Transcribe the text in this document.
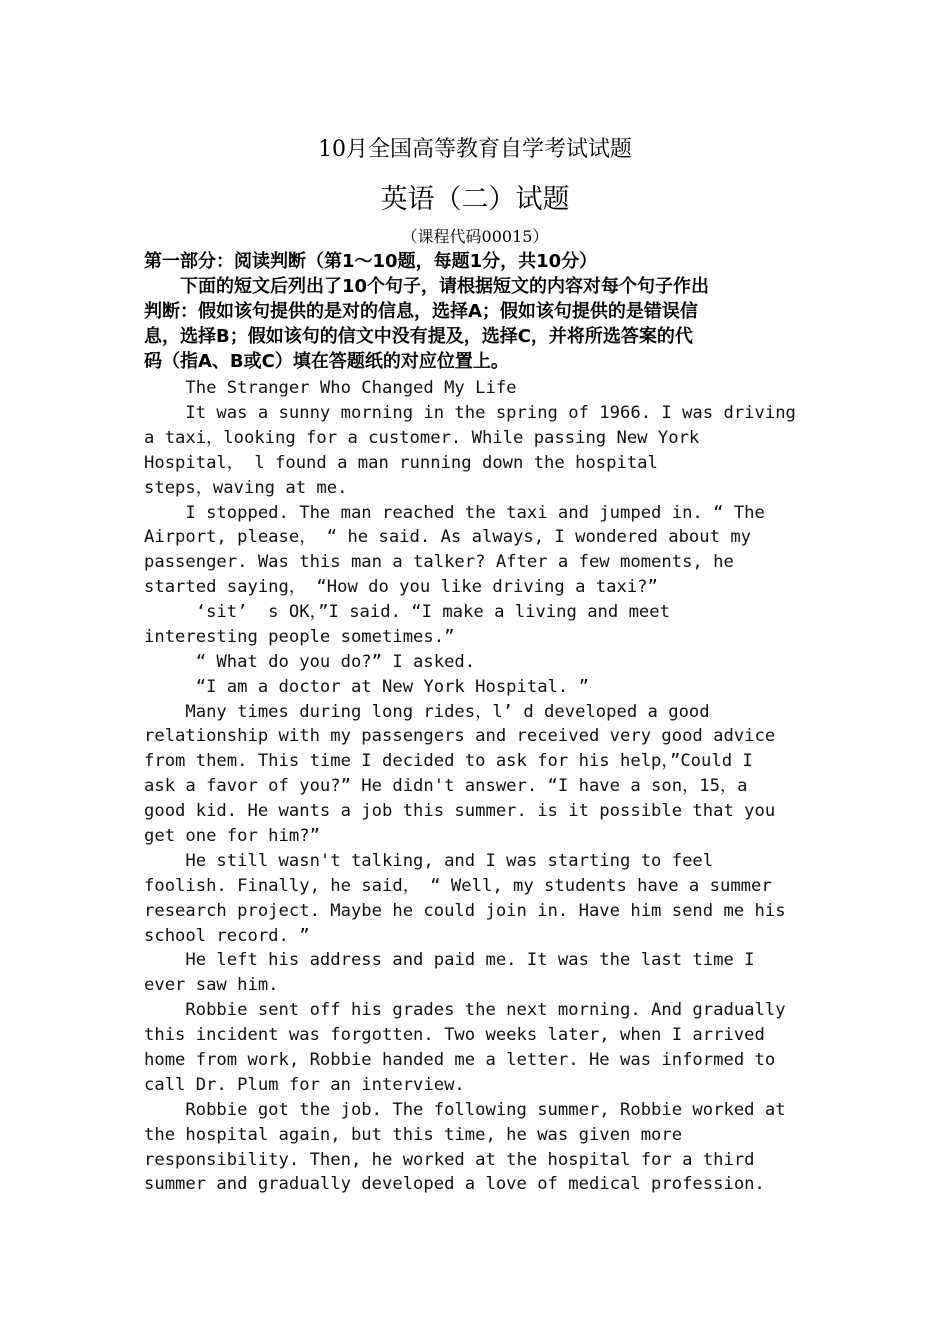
10月全国高等教育自学考试试题
英语（二）试题
（课程代码00015）
第一部分：阅读判断（第1～10题，每题1分，共10分）
　　下面的短文后列出了10个句子，请根据短文的内容对每个句子作出
判断：假如该句提供的是对的信息，选择A；假如该句提供的是错误信
息，选择B；假如该句的信文中没有提及，选择C，并将所选答案的代
码（指A、B或C）填在答题纸的对应位置上。
The Stranger Who Changed My Life
It was a sunny morning in the spring of 1966. I was driving
a taxi，looking for a customer. While passing New York
Hospital， l found a man running down the hospital
steps，waving at me.
I stopped. The man reached the taxi and jumped in. “ The
Airport, please， “ he said. As always, I wondered about my
passenger. Was this man a talker? After a few moments, he
started saying， “How do you like driving a taxi?”
‘sit’  s OK，”I said. “I make a living and meet
interesting people sometimes.”
“ What do you do?” I asked.
“I am a doctor at New York Hospital. ”
Many times during long rides，l’ d developed a good
relationship with my passengers and received very good advice
from them. This time I decided to ask for his help，”Could I
ask a favor of you?” He didn't answer. “I have a son，15，a
good kid. He wants a job this summer. is it possible that you
get one for him?”
He still wasn't talking, and I was starting to feel
foolish. Finally, he said， “ Well, my students have a summer
research project. Maybe he could join in. Have him send me his
school record. ”
He left his address and paid me. It was the last time I
ever saw him.
Robbie sent off his grades the next morning. And gradually
this incident was forgotten. Two weeks later, when I arrived
home from work, Robbie handed me a letter. He was informed to
call Dr. Plum for an interview.
Robbie got the job. The following summer, Robbie worked at
the hospital again, but this time, he was given more
responsibility. Then, he worked at the hospital for a third
summer and gradually developed a love of medical profession.
